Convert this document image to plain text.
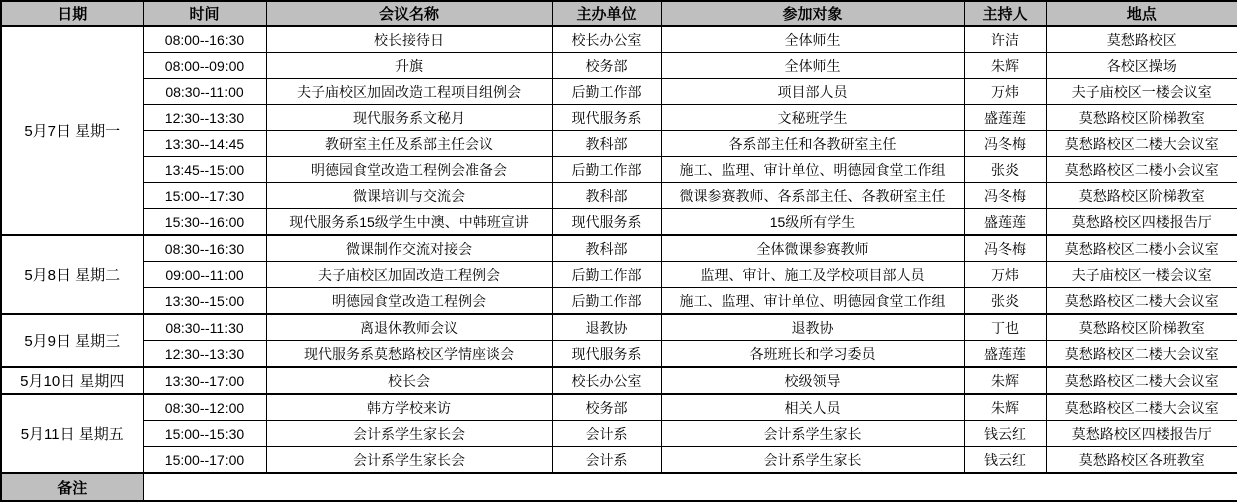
日期	时间	会议名称	主办单位	参加对象	主持人	地点
5月7日 星期一	08:00--16:30	校长接待日	校长办公室	全体师生	许洁	莫愁路校区
	08:00--09:00	升旗	校务部	全体师生	朱辉	各校区操场
	08:30--11:00	夫子庙校区加固改造工程项目组例会	后勤工作部	项目部人员	万炜	夫子庙校区一楼会议室
	12:30--13:30	现代服务系文秘月	现代服务系	文秘班学生	盛莲莲	莫愁路校区阶梯教室
	13:30--14:45	教研室主任及系部主任会议	教科部	各系部主任和各教研室主任	冯冬梅	莫愁路校区二楼大会议室
	13:45--15:00	明德园食堂改造工程例会准备会	后勤工作部	施工、监理、审计单位、明德园食堂工作组	张炎	莫愁路校区二楼小会议室
	15:00--17:30	微课培训与交流会	教科部	微课参赛教师、各系部主任、各教研室主任	冯冬梅	莫愁路校区阶梯教室
	15:30--16:00	现代服务系15级学生中澳、中韩班宣讲	现代服务系	15级所有学生	盛莲莲	莫愁路校区四楼报告厅
5月8日 星期二	08:30--16:30	微课制作交流对接会	教科部	全体微课参赛教师	冯冬梅	莫愁路校区二楼小会议室
	09:00--11:00	夫子庙校区加固改造工程例会	后勤工作部	监理、审计、施工及学校项目部人员	万炜	夫子庙校区一楼会议室
	13:30--15:00	明德园食堂改造工程例会	后勤工作部	施工、监理、审计单位、明德园食堂工作组	张炎	莫愁路校区二楼大会议室
5月9日 星期三	08:30--11:30	离退休教师会议	退教协	退教协	丁也	莫愁路校区阶梯教室
	12:30--13:30	现代服务系莫愁路校区学情座谈会	现代服务系	各班班长和学习委员	盛莲莲	莫愁路校区二楼大会议室
5月10日 星期四	13:30--17:00	校长会	校长办公室	校级领导	朱辉	莫愁路校区二楼大会议室
5月11日 星期五	08:30--12:00	韩方学校来访	校务部	相关人员	朱辉	莫愁路校区二楼大会议室
	15:00--15:30	会计系学生家长会	会计系	会计系学生家长	钱云红	莫愁路校区四楼报告厅
	15:00--17:00	会计系学生家长会	会计系	会计系学生家长	钱云红	莫愁路校区各班教室
备注						
